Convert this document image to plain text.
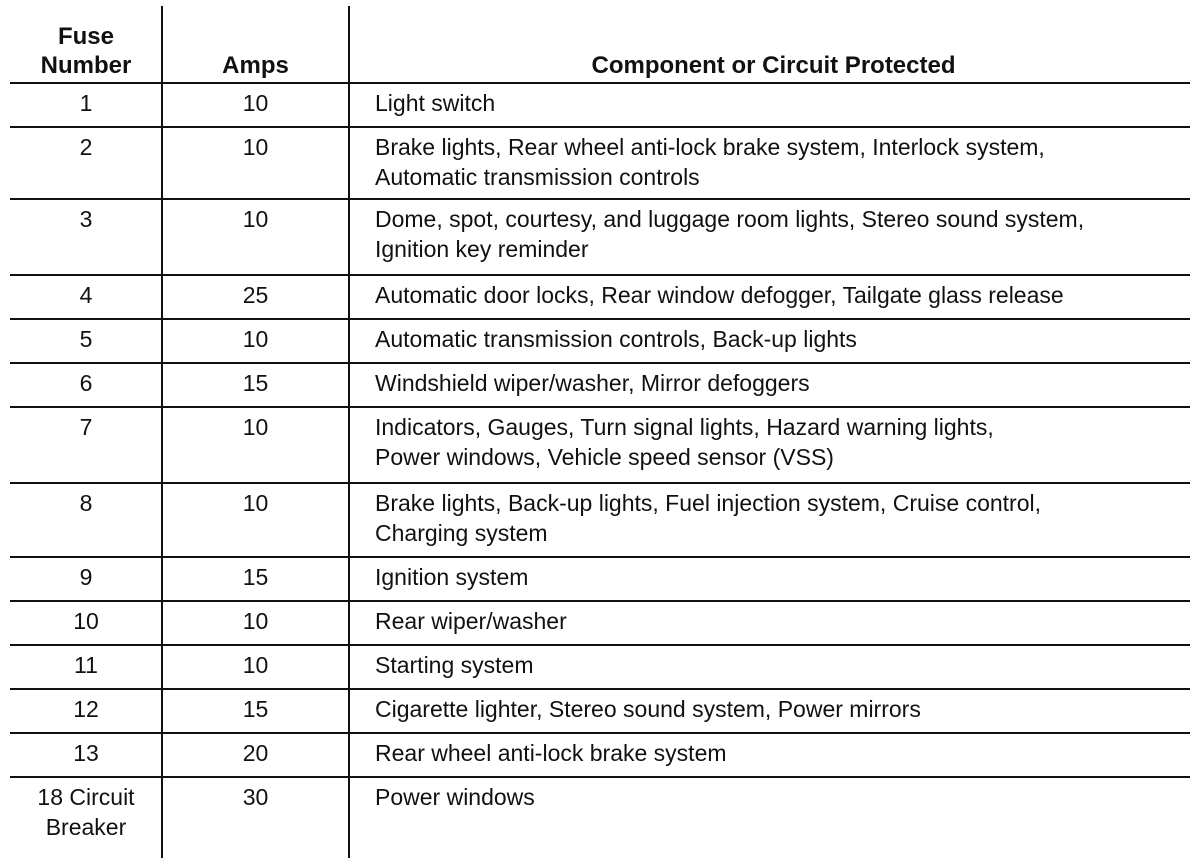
Fuse
Number	Amps	Component or Circuit Protected
1	10	Light switch

2	10	Brake lights, Rear wheel anti-lock brake system, Interlock system,
Automatic transmission controls

3	10	Dome, spot, courtesy, and luggage room lights, Stereo sound system,
Ignition key reminder

4	25	Automatic door locks, Rear window defogger, Tailgate glass release

5	10	Automatic transmission controls, Back-up lights

6	15	Windshield wiper/washer, Mirror defoggers

7	10	Indicators, Gauges, Turn signal lights, Hazard warning lights,
Power windows, Vehicle speed sensor (VSS)

8	10	Brake lights, Back-up lights, Fuel injection system, Cruise control,
Charging system

9	15	Ignition system

10	10	Rear wiper/washer

11	10	Starting system

12	15	Cigarette lighter, Stereo sound system, Power mirrors

13	20	Rear wheel anti-lock brake system

18 Circuit
Breaker	30	Power windows
